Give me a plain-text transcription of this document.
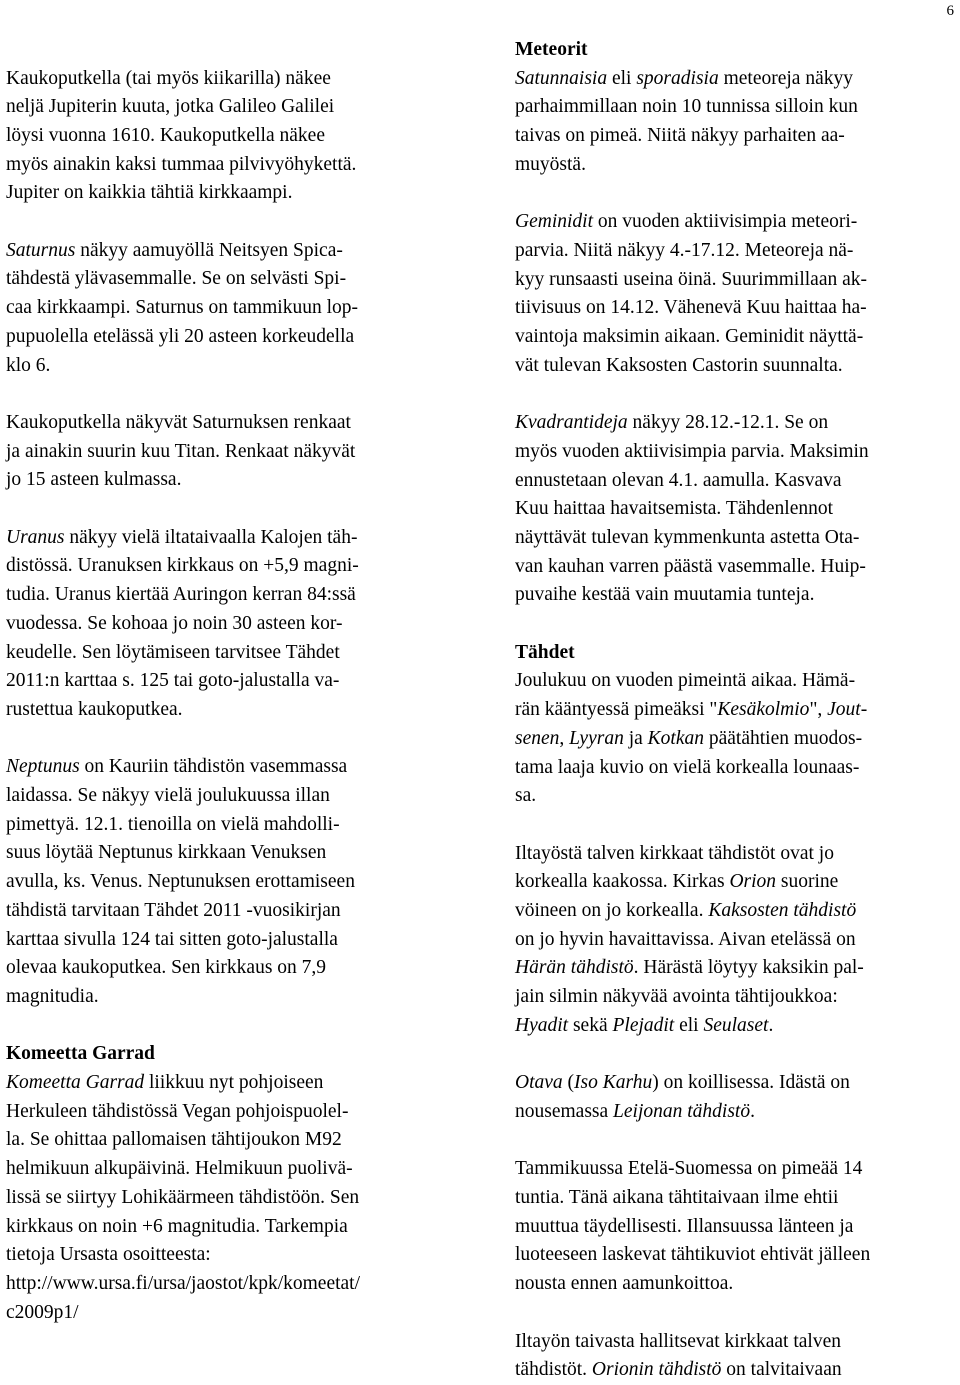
6
Kaukoputkella (tai myös kiikarilla) näkee
neljä Jupiterin kuuta, jotka Galileo Galilei
löysi vuonna 1610. Kaukoputkella näkee
myös ainakin kaksi tummaa pilvivyöhykettä.
Jupiter on kaikkia tähtiä kirkkaampi.
Saturnus näkyy aamuyöllä Neitsyen Spica-
tähdestä ylävasemmalle. Se on selvästi Spi-
caa kirkkaampi. Saturnus on tammikuun lop-
pupuolella etelässä yli 20 asteen korkeudella
klo 6.
Kaukoputkella näkyvät Saturnuksen renkaat
ja ainakin suurin kuu Titan. Renkaat näkyvät
jo 15 asteen kulmassa.
Uranus näkyy vielä iltataivaalla Kalojen täh-
distössä. Uranuksen kirkkaus on +5,9 magni-
tudia. Uranus kiertää Auringon kerran 84:ssä
vuodessa. Se kohoaa jo noin 30 asteen kor-
keudelle. Sen löytämiseen tarvitsee Tähdet
2011:n karttaa s. 125 tai goto-jalustalla va-
rustettua kaukoputkea.
Neptunus on Kauriin tähdistön vasemmassa
laidassa. Se näkyy vielä joulukuussa illan
pimettyä. 12.1. tienoilla on vielä mahdolli-
suus löytää Neptunus kirkkaan Venuksen
avulla, ks. Venus. Neptunuksen erottamiseen
tähdistä tarvitaan Tähdet 2011 -vuosikirjan
karttaa sivulla 124 tai sitten goto-jalustalla
olevaa kaukoputkea. Sen kirkkaus on 7,9
magnitudia.
Komeetta Garrad
Komeetta Garrad liikkuu nyt pohjoiseen
Herkuleen tähdistössä Vegan pohjoispuolel-
la. Se ohittaa pallomaisen tähtijoukon M92
helmikuun alkupäivinä. Helmikuun puolivä-
lissä se siirtyy Lohikäärmeen tähdistöön. Sen
kirkkaus on noin +6 magnitudia. Tarkempia
tietoja Ursasta osoitteesta:
http://www.ursa.fi/ursa/jaostot/kpk/komeetat/
c2009p1/
Meteorit
Satunnaisia eli sporadisia meteoreja näkyy
parhaimmillaan noin 10 tunnissa silloin kun
taivas on pimeä. Niitä näkyy parhaiten aa-
muyöstä.
Geminidit on vuoden aktiivisimpia meteori-
parvia. Niitä näkyy 4.-17.12. Meteoreja nä-
kyy runsaasti useina öinä. Suurimmillaan ak-
tiivisuus on 14.12. Vähenevä Kuu haittaa ha-
vaintoja maksimin aikaan. Geminidit näyttä-
vät tulevan Kaksosten Castorin suunnalta.
Kvadrantideja näkyy 28.12.-12.1. Se on
myös vuoden aktiivisimpia parvia. Maksimin
ennustetaan olevan 4.1. aamulla. Kasvava
Kuu haittaa havaitsemista. Tähdenlennot
näyttävät tulevan kymmenkunta astetta Ota-
van kauhan varren päästä vasemmalle. Huip-
puvaihe kestää vain muutamia tunteja.
Tähdet
Joulukuu on vuoden pimeintä aikaa. Hämä-
rän kääntyessä pimeäksi "Kesäkolmio", Jout-
senen, Lyyran ja Kotkan päätähtien muodos-
tama laaja kuvio on vielä korkealla lounaas-
sa.
Iltayöstä talven kirkkaat tähdistöt ovat jo
korkealla kaakossa. Kirkas Orion suorine
vöineen on jo korkealla. Kaksosten tähdistö
on jo hyvin havaittavissa. Aivan etelässä on
Härän tähdistö. Härästä löytyy kaksikin pal-
jain silmin näkyvää avointa tähtijoukkoa:
Hyadit sekä Plejadit eli Seulaset.
Otava (Iso Karhu) on koillisessa. Idästä on
nousemassa Leijonan tähdistö.
Tammikuussa Etelä-Suomessa on pimeää 14
tuntia. Tänä aikana tähtitaivaan ilme ehtii
muuttua täydellisesti. Illansuussa länteen ja
luoteeseen laskevat tähtikuviot ehtivät jälleen
nousta ennen aamunkoittoa.
Iltayön taivasta hallitsevat kirkkaat talven
tähdistöt. Orionin tähdistö on talvitaivaan
